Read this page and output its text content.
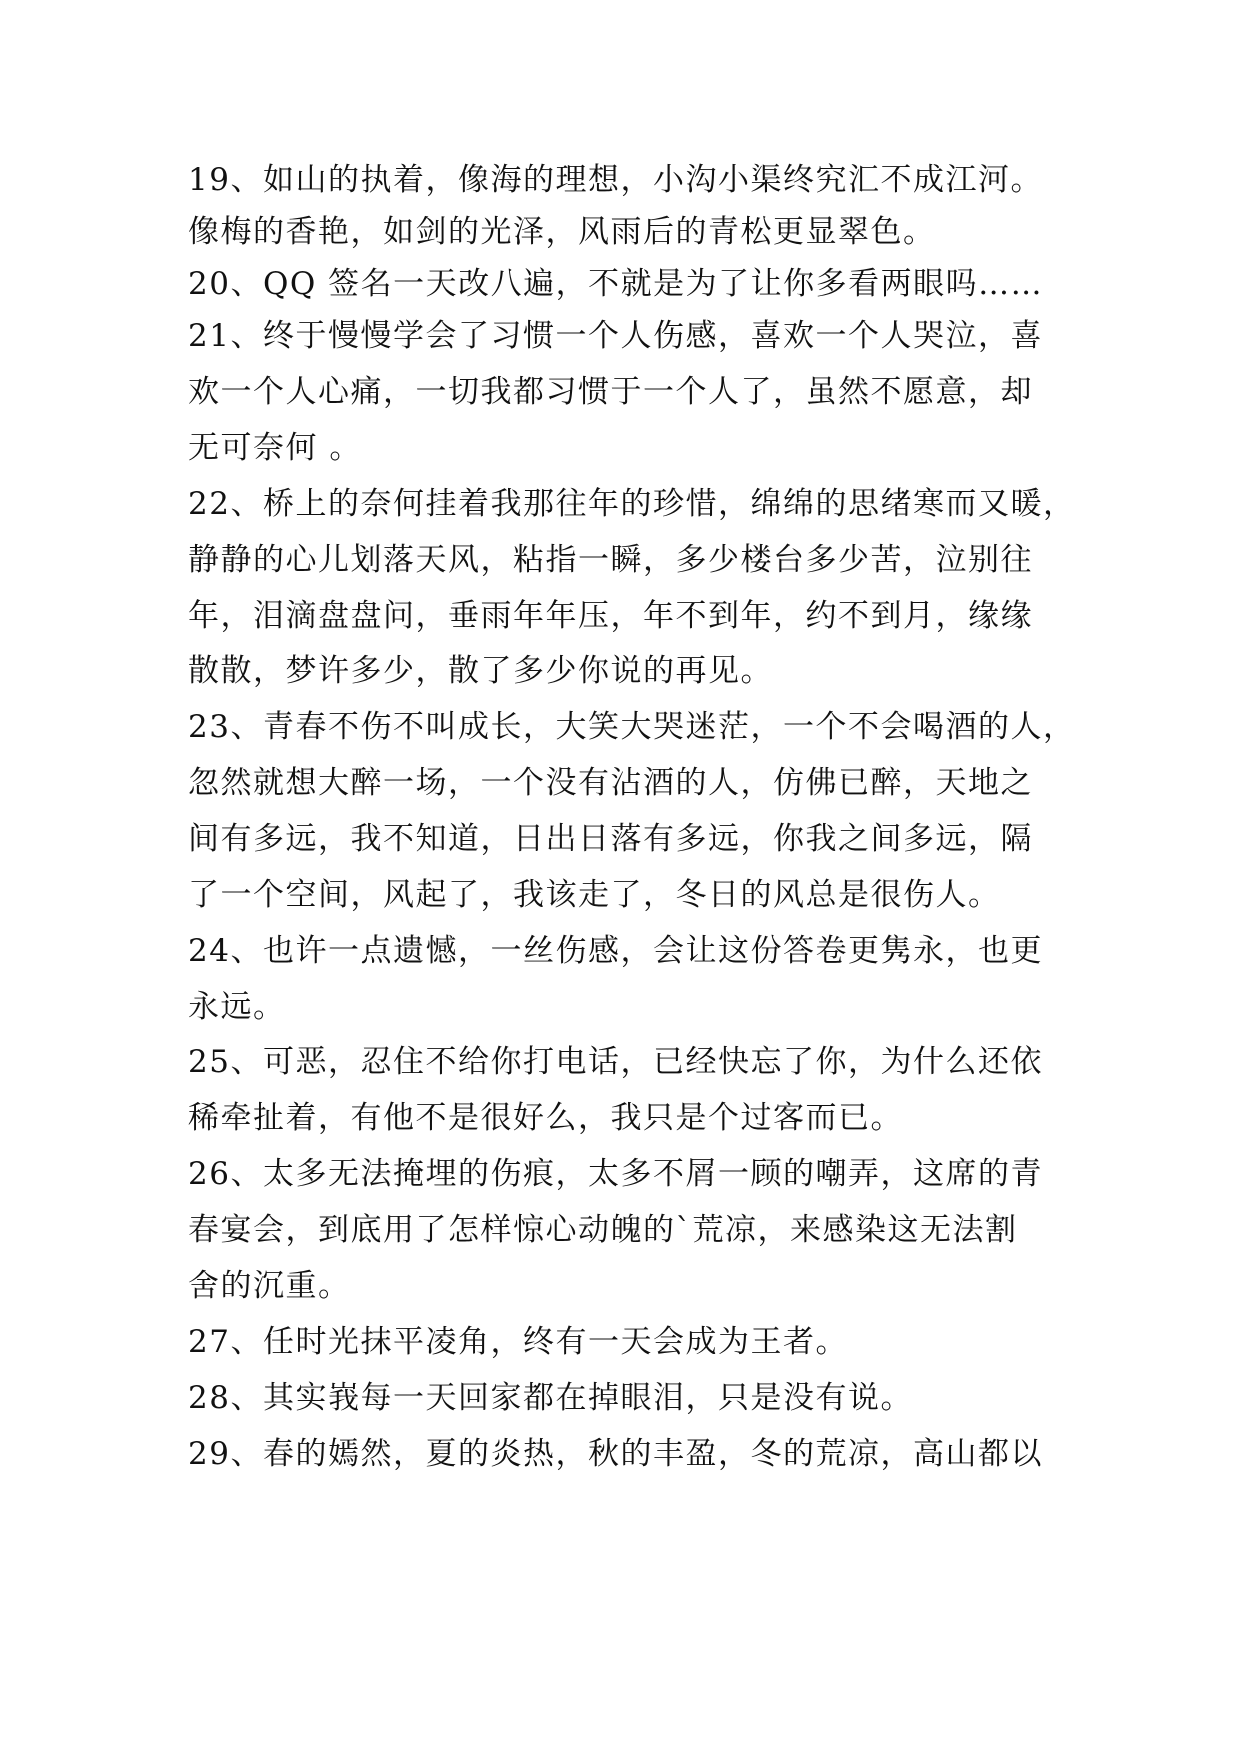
19、如山的执着，像海的理想，小沟小渠终究汇不成江河。
像梅的香艳，如剑的光泽，风雨后的青松更显翠色。
20、QQ 签名一天改八遍，不就是为了让你多看两眼吗……
21、终于慢慢学会了习惯一个人伤感，喜欢一个人哭泣，喜
欢一个人心痛，一切我都习惯于一个人了，虽然不愿意，却
无可奈何 。
22、桥上的奈何挂着我那往年的珍惜，绵绵的思绪寒而又暖，
静静的心儿划落天风，粘指一瞬，多少楼台多少苦，泣别往
年，泪滴盘盘问，垂雨年年压，年不到年，约不到月，缘缘
散散，梦许多少，散了多少你说的再见。
23、青春不伤不叫成长，大笑大哭迷茫，一个不会喝酒的人，
忽然就想大醉一场，一个没有沾酒的人，仿佛已醉，天地之
间有多远，我不知道，日出日落有多远，你我之间多远，隔
了一个空间，风起了，我该走了，冬日的风总是很伤人。
24、也许一点遗憾，一丝伤感，会让这份答卷更隽永，也更
永远。
25、可恶，忍住不给你打电话，已经快忘了你，为什么还依
稀牵扯着，有他不是很好么，我只是个过客而已。
26、太多无法掩埋的伤痕，太多不屑一顾的嘲弄，这席的青
春宴会，到底用了怎样惊心动魄的`荒凉，来感染这无法割
舍的沉重。
27、任时光抹平凌角，终有一天会成为王者。
28、其实峩每一天回家都在掉眼泪，只是没有说。
29、春的嫣然，夏的炎热，秋的丰盈，冬的荒凉，高山都以
